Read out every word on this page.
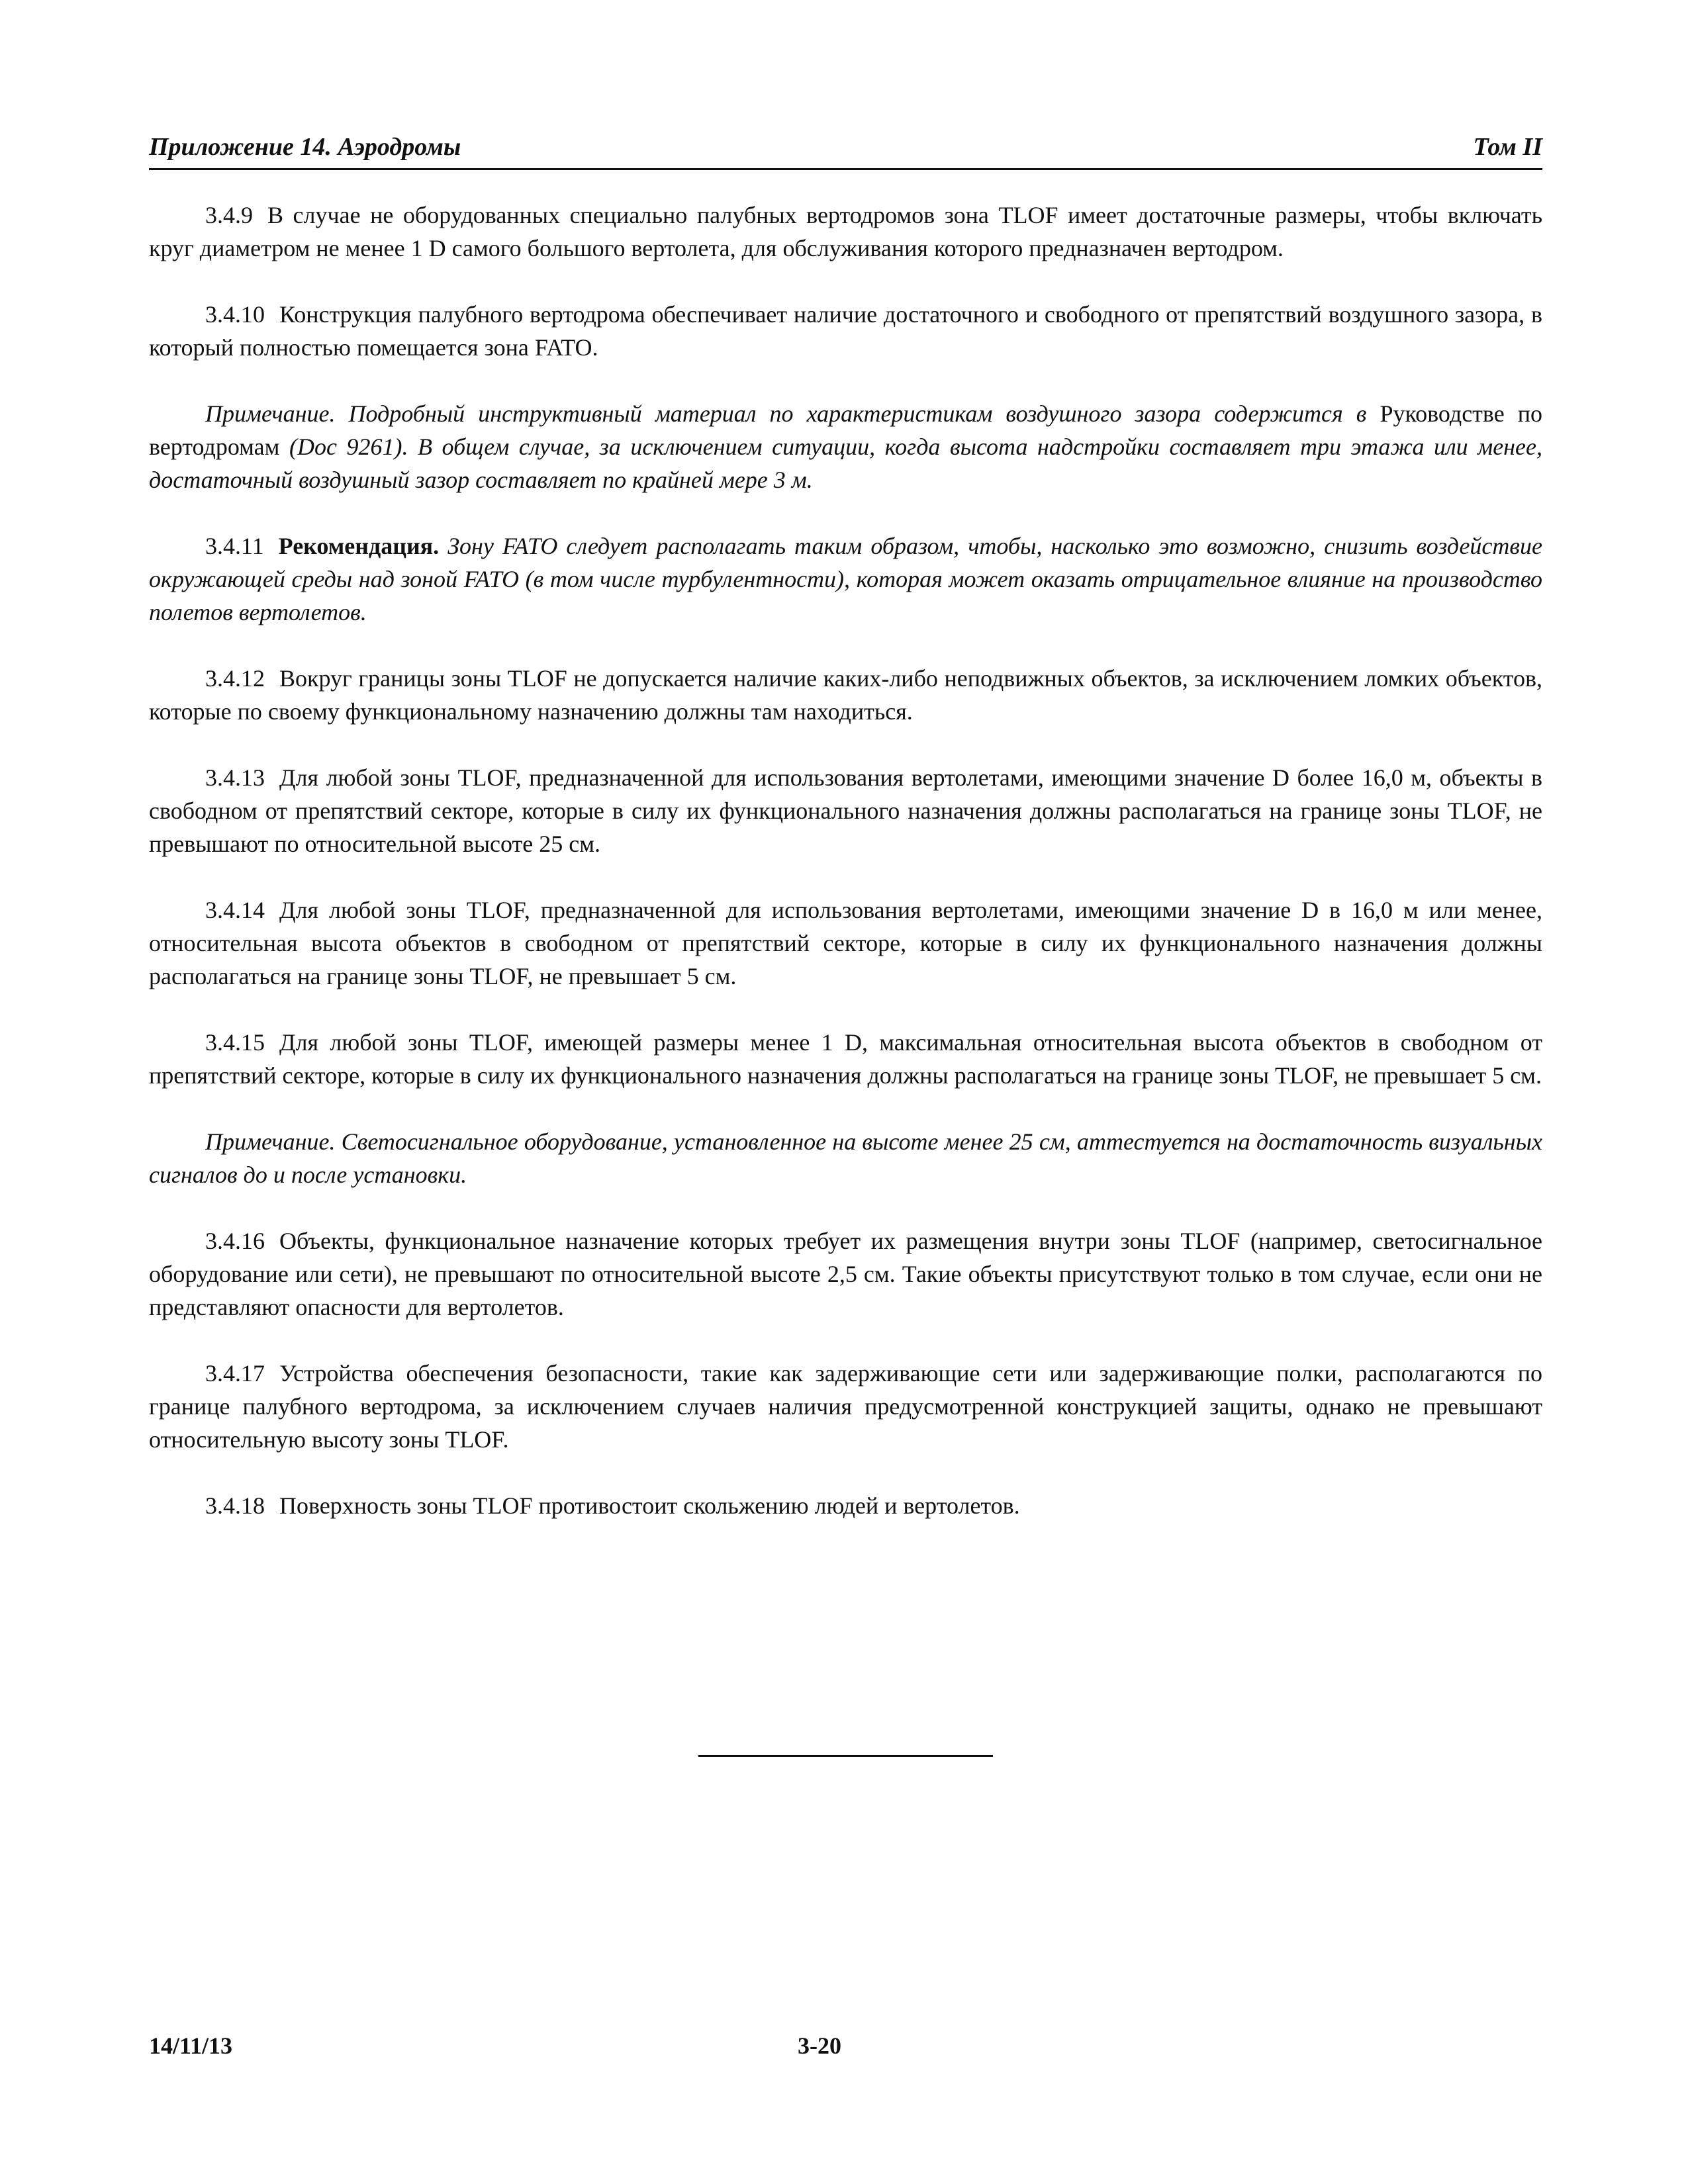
Приложение 14. Аэродромы	Том II

3.4.9 В случае не оборудованных специально палубных вертодромов зона TLOF имеет достаточные размеры, чтобы включать круг диаметром не менее 1 D самого большого вертолета, для обслуживания которого предназначен вертодром.

3.4.10 Конструкция палубного вертодрома обеспечивает наличие достаточного и свободного от препятствий воздушного зазора, в который полностью помещается зона FATO.

Примечание. Подробный инструктивный материал по характеристикам воздушного зазора содержится в Руководстве по вертодромам (Doc 9261). В общем случае, за исключением ситуации, когда высота надстройки составляет три этажа или менее, достаточный воздушный зазор составляет по крайней мере 3 м.

3.4.11 Рекомендация. Зону FATO следует располагать таким образом, чтобы, насколько это возможно, снизить воздействие окружающей среды над зоной FATO (в том числе турбулентности), которая может оказать отрицательное влияние на производство полетов вертолетов.

3.4.12 Вокруг границы зоны TLOF не допускается наличие каких-либо неподвижных объектов, за исключением ломких объектов, которые по своему функциональному назначению должны там находиться.

3.4.13 Для любой зоны TLOF, предназначенной для использования вертолетами, имеющими значение D более 16,0 м, объекты в свободном от препятствий секторе, которые в силу их функционального назначения должны располагаться на границе зоны TLOF, не превышают по относительной высоте 25 см.

3.4.14 Для любой зоны TLOF, предназначенной для использования вертолетами, имеющими значение D в 16,0 м или менее, относительная высота объектов в свободном от препятствий секторе, которые в силу их функционального назначения должны располагаться на границе зоны TLOF, не превышает 5 см.

3.4.15 Для любой зоны TLOF, имеющей размеры менее 1 D, максимальная относительная высота объектов в свободном от препятствий секторе, которые в силу их функционального назначения должны располагаться на границе зоны TLOF, не превышает 5 см.

Примечание. Светосигнальное оборудование, установленное на высоте менее 25 см, аттестуется на достаточность визуальных сигналов до и после установки.

3.4.16 Объекты, функциональное назначение которых требует их размещения внутри зоны TLOF (например, светосигнальное оборудование или сети), не превышают по относительной высоте 2,5 см. Такие объекты присутствуют только в том случае, если они не представляют опасности для вертолетов.

3.4.17 Устройства обеспечения безопасности, такие как задерживающие сети или задерживающие полки, располагаются по границе палубного вертодрома, за исключением случаев наличия предусмотренной конструкцией защиты, однако не превышают относительную высоту зоны TLOF.

3.4.18 Поверхность зоны TLOF противостоит скольжению людей и вертолетов.

14/11/13	3-20
